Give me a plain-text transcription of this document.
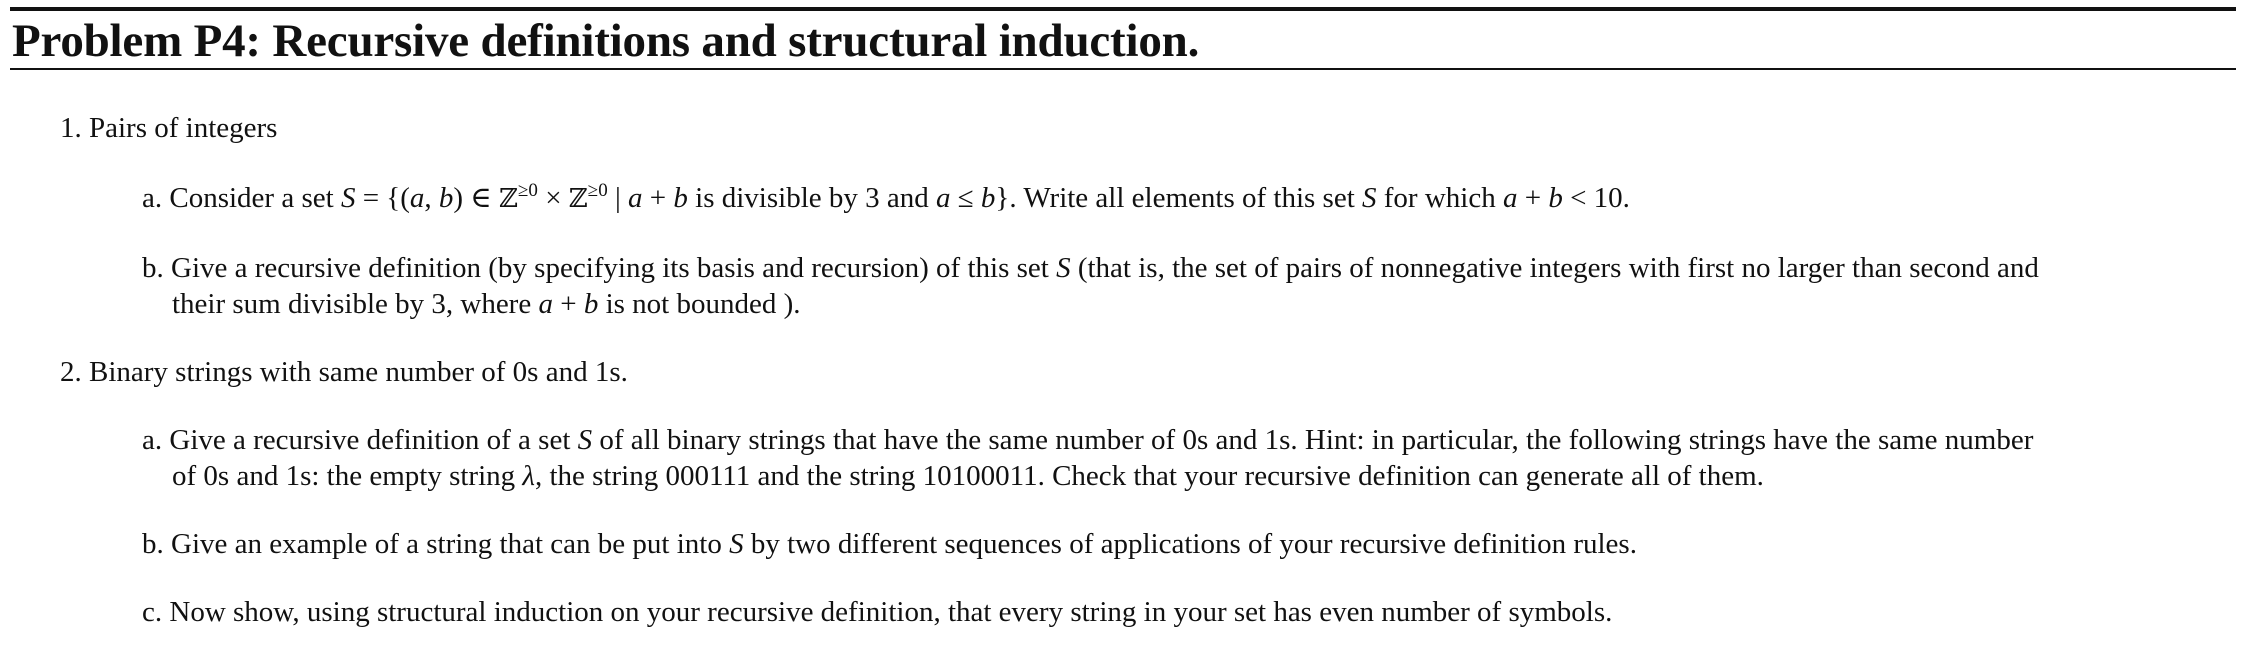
Problem P4: Recursive definitions and structural induction.
1. Pairs of integers
a. Consider a set S = {(a, b) ∈ ℤ$^{\ge 0}$ × ℤ$^{\ge 0}$ | a + b is divisible by 3 and a ≤ b}. Write all elements of this set S for which a + b < 10.
b. Give a recursive definition (by specifying its basis and recursion) of this set S (that is, the set of pairs of nonnegative integers with first no larger than second and
their sum divisible by 3, where a + b is not bounded ).
2. Binary strings with same number of 0s and 1s.
a. Give a recursive definition of a set S of all binary strings that have the same number of 0s and 1s. Hint: in particular, the following strings have the same number
of 0s and 1s: the empty string λ, the string 000111 and the string 10100011. Check that your recursive definition can generate all of them.
b. Give an example of a string that can be put into S by two different sequences of applications of your recursive definition rules.
c. Now show, using structural induction on your recursive definition, that every string in your set has even number of symbols.
